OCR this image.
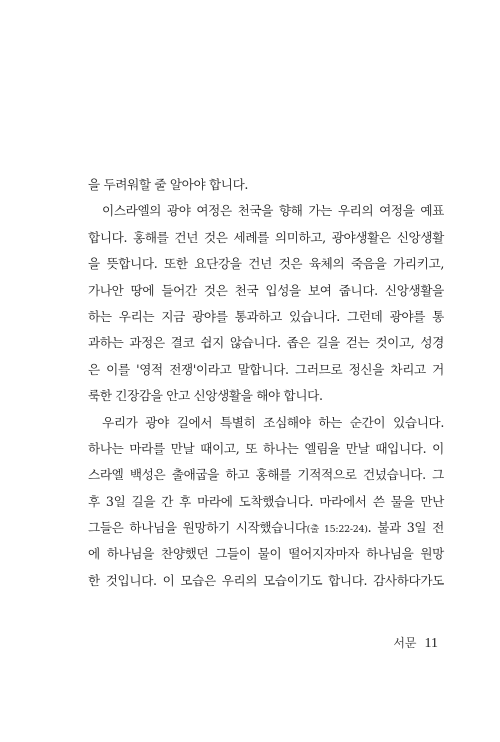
을 두려워할 줄 알아야 합니다.
이스라엘의 광야 여정은 천국을 향해 가는 우리의 여정을 예표
합니다. 홍해를 건넌 것은 세례를 의미하고, 광야생활은 신앙생활
을 뜻합니다. 또한 요단강을 건넌 것은 육체의 죽음을 가리키고,
가나안 땅에 들어간 것은 천국 입성을 보여 줍니다. 신앙생활을
하는 우리는 지금 광야를 통과하고 있습니다. 그런데 광야를 통
과하는 과정은 결코 쉽지 않습니다. 좁은 길을 걷는 것이고, 성경
은 이를 '영적 전쟁'이라고 말합니다. 그러므로 정신을 차리고 거
룩한 긴장감을 안고 신앙생활을 해야 합니다.
우리가 광야 길에서 특별히 조심해야 하는 순간이 있습니다.
하나는 마라를 만날 때이고, 또 하나는 엘림을 만날 때입니다. 이
스라엘 백성은 출애굽을 하고 홍해를 기적적으로 건넜습니다. 그
후 3일 길을 간 후 마라에 도착했습니다. 마라에서 쓴 물을 만난
그들은 하나님을 원망하기 시작했습니다(출 15:22-24). 불과 3일 전
에 하나님을 찬양했던 그들이 물이 떨어지자마자 하나님을 원망
한 것입니다. 이 모습은 우리의 모습이기도 합니다. 감사하다가도
서문 11
